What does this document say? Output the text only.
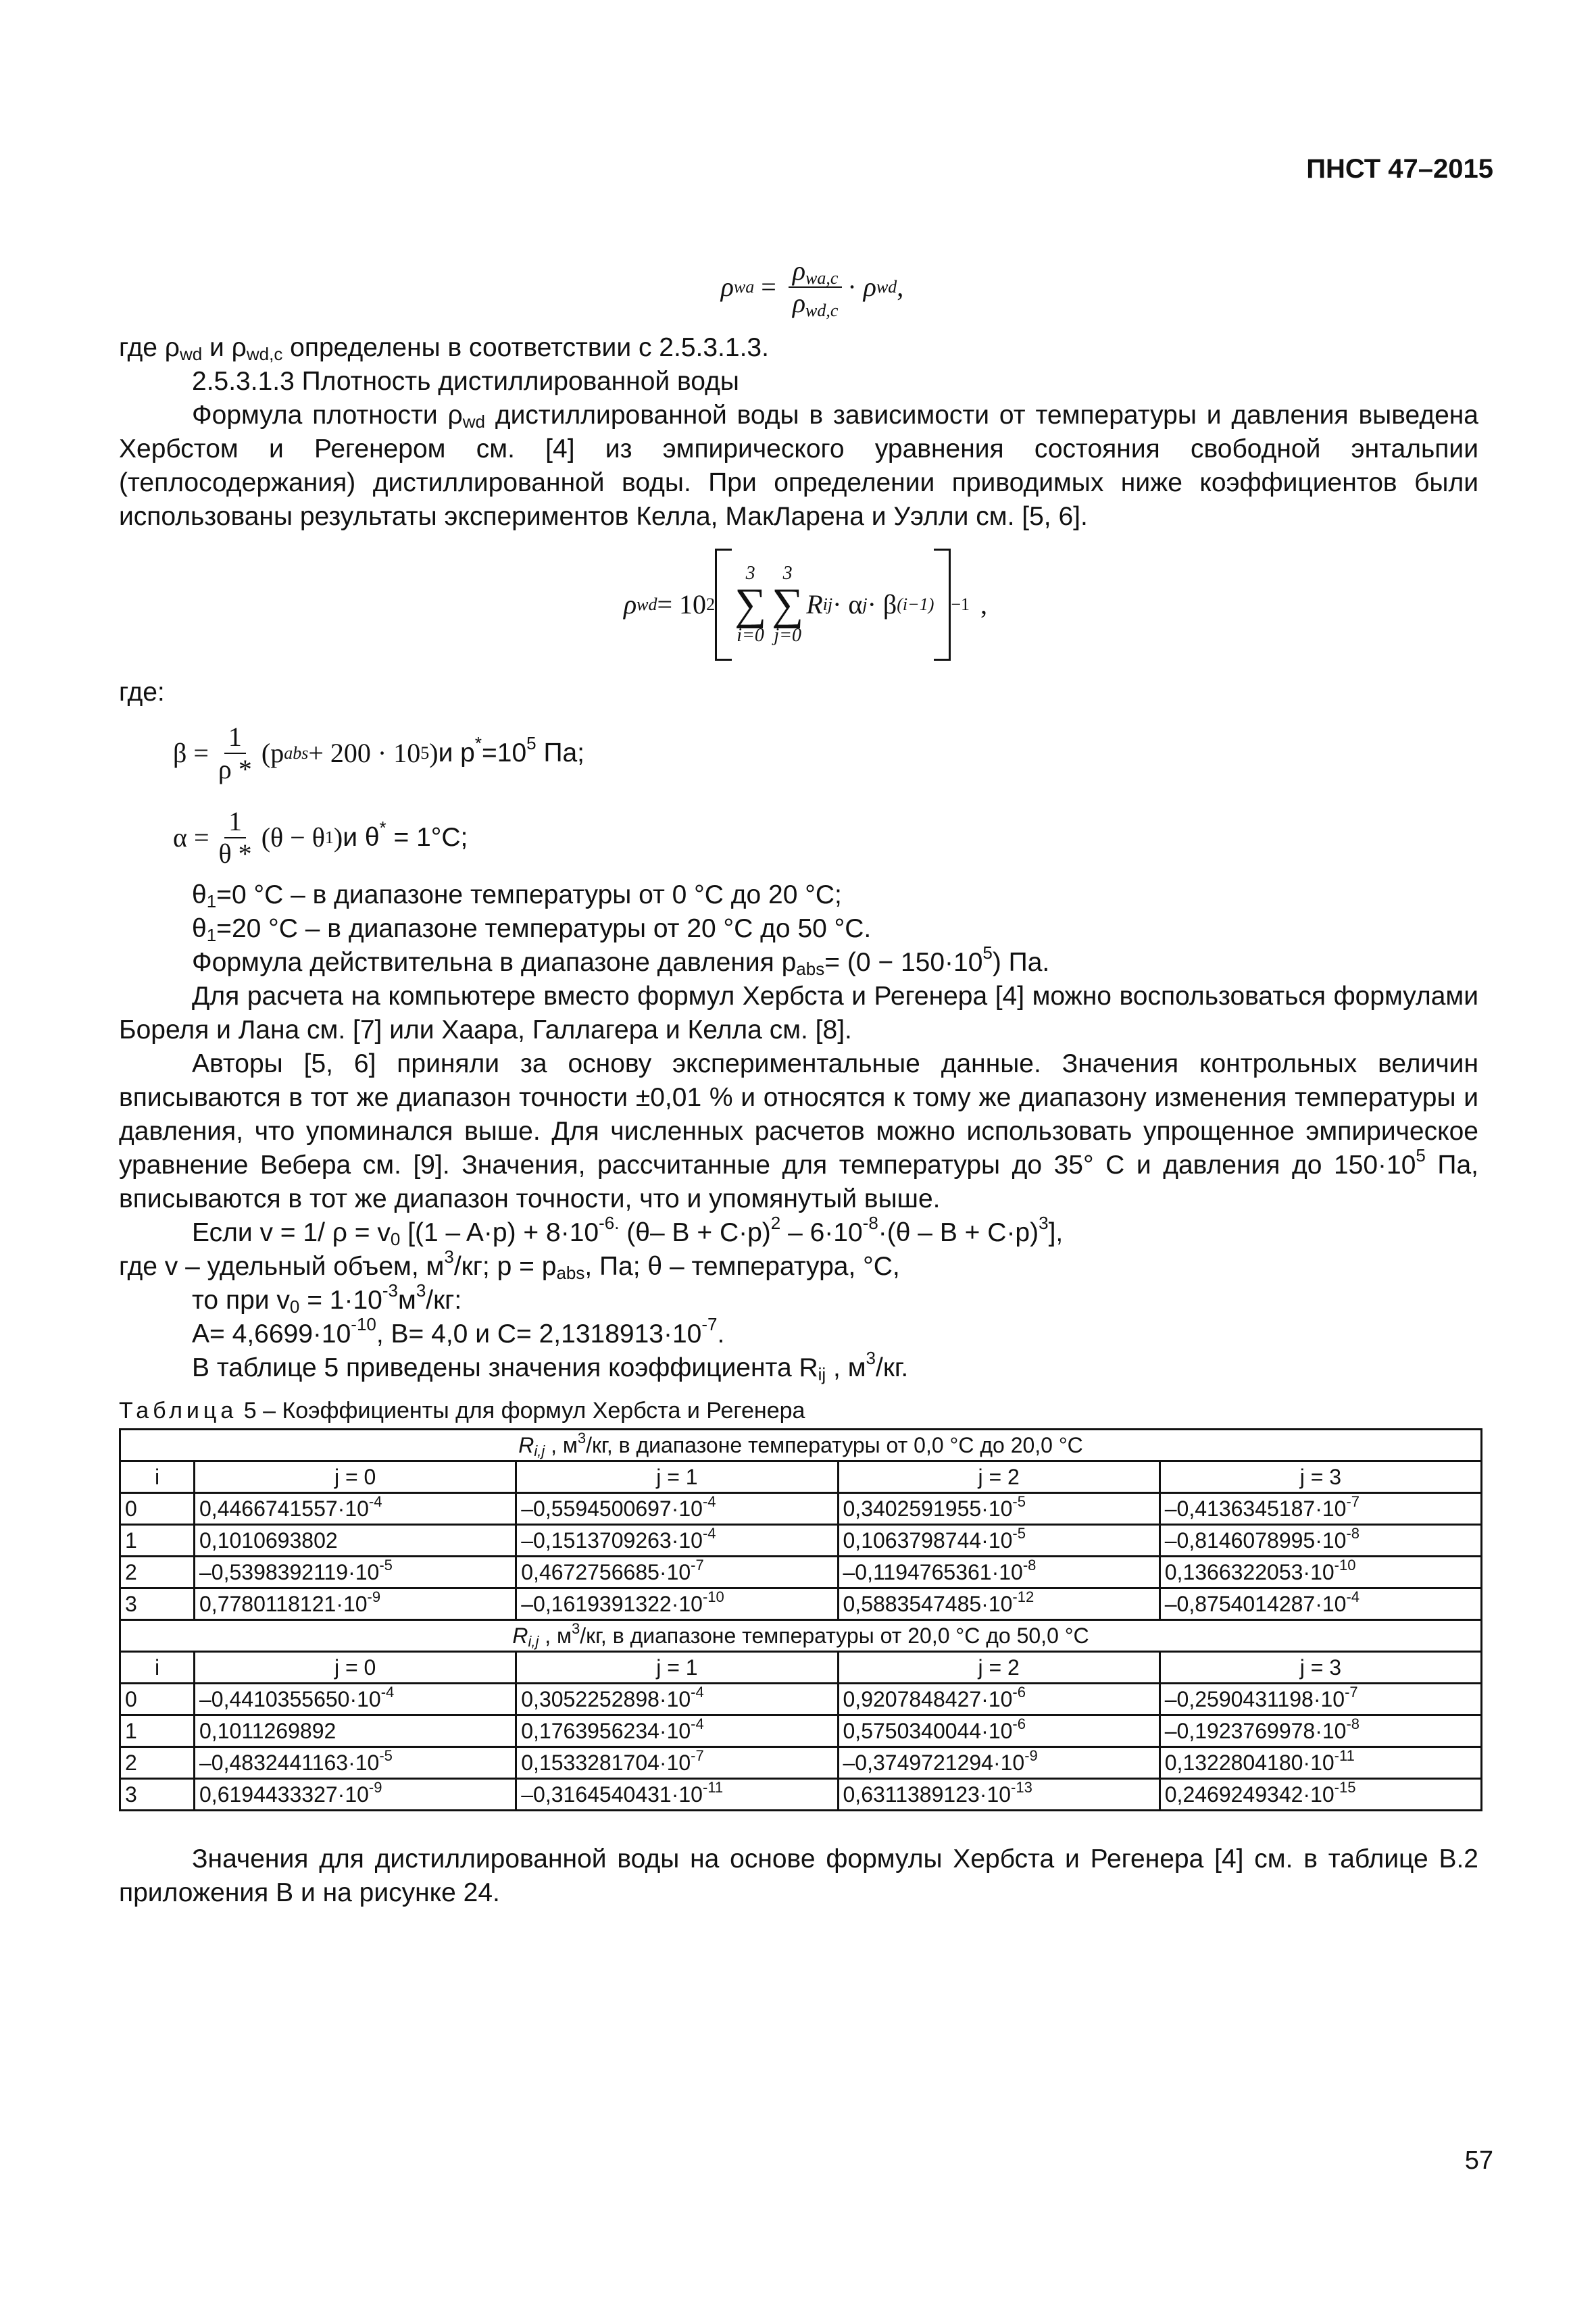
ПНСТ 47–2015
ρ wa = $\frac{\rho_{wa,c}}{\rho_{wd,c}} \cdot \rho$ wd ,

где $\rho_{wd}$ и $\rho_{wd,c}$ определены в соответствии с 2.5.3.1.3.

2.5.3.1.3 Плотность дистиллированной воды

Формула плотности $\rho_{wd}$ дистиллированной воды в зависимости от температуры и давления выведена Хербстом и Регенером см. [4] из эмпирического уравнения состояния свободной энтальпии (теплосодержания) дистиллированной воды. При определении приводимых ниже коэффициентов были использованы результаты экспериментов Келла, МакЛарена и Уэлли см. [5, 6].

ρ wd = 10 2
3
∑
i=0
3
∑
j=0
R ij · α j · β (i−1) −1 ,

где:

$\beta = \frac{1}{\rho *} (p$ abs + 200 · 10 5 ) и $p^*=10^5$ Па;
$\alpha = \frac{1}{\theta *} (\theta - \theta$ 1 ) и θ* = 1°С;

$\theta_1=0$ °С – в диапазоне температуры от 0 °С до 20 °С;

$\theta_1=20$ °С – в диапазоне температуры от 20 °С до 50 °С.

Формула действительна в диапазоне давления $p_{abs}= (0 - 150\cdot 10^5)$ Па.

Для расчета на компьютере вместо формул Хербста и Регенера [4] можно воспользоваться формулами Бореля и Лана см. [7] или Хаара, Галлагера и Келла см. [8].

Авторы [5, 6] приняли за основу экспериментальные данные. Значения контрольных величин вписываются в тот же диапазон точности ±0,01 % и относятся к тому же диапазону изменения температуры и давления, что упоминался выше. Для численных расчетов можно использовать упрощенное эмпирическое уравнение Вебера см. [9]. Значения, рассчитанные для температуры до 35° С и давления до $150\cdot 10^5$ Па, вписываются в тот же диапазон точности, что и упомянутый выше.

Если v = 1/ $\rho = v_0$ [$(1 - A\cdot p) + 8\cdot 10^{-6.}$ (θ– $B + C\cdot p)^2 - 6\cdot 10^{-8}\cdot(\theta - B + C\cdot p)^3$],

где v – удельный объем, $м^3/кг$; $p = p_{abs}$, Па; θ – температура, °С,

то при $v_0 = 1\cdot 10^{-3}м^3/кг$:

$A= 4,6699\cdot 10^{-10}$, B= 4,0 и $C= 2,1318913\cdot 10^{-7}$.

В таблице 5 приведены значения коэффициента $R_{ij}$ , $м^3/кг$.

Таблица 5 – Коэффициенты для формул Хербста и Регенера
$R_{i,j}$ , $м^3/кг$, в диапазоне температуры от 0,0 °С до 20,0 °С				
i	j = 0	j = 1	j = 2	j = 3
0	$0,4466741557\cdot 10^{-4}$	$-0,5594500697\cdot 10^{-4}$	$0,3402591955\cdot 10^{-5}$	$-0,4136345187\cdot 10^{-7}$
1	0,1010693802	$-0,1513709263\cdot 10^{-4}$	$0,1063798744\cdot 10^{-5}$	$-0,8146078995\cdot 10^{-8}$
2	$-0,5398392119\cdot 10^{-5}$	$0,4672756685\cdot 10^{-7}$	$-0,1194765361\cdot 10^{-8}$	$0,1366322053\cdot 10^{-10}$
3	$0,7780118121\cdot 10^{-9}$	$-0,1619391322\cdot 10^{-10}$	$0,5883547485\cdot 10^{-12}$	$-0,8754014287\cdot 10^{-4}$
$R_{i,j}$ , $м^3/кг$, в диапазоне температуры от 20,0 °С до 50,0 °С				
i	j = 0	j = 1	j = 2	j = 3
0	$-0,4410355650\cdot 10^{-4}$	$0,3052252898\cdot 10^{-4}$	$0,9207848427\cdot 10^{-6}$	$-0,2590431198\cdot 10^{-7}$
1	0,1011269892	$0,1763956234\cdot 10^{-4}$	$0,5750340044\cdot 10^{-6}$	$-0,1923769978\cdot 10^{-8}$
2	$-0,4832441163\cdot 10^{-5}$	$0,1533281704\cdot 10^{-7}$	$-0,3749721294\cdot 10^{-9}$	$0,1322804180\cdot 10^{-11}$
3	$0,6194433327\cdot 10^{-9}$	$-0,3164540431\cdot 10^{-11}$	$0,6311389123\cdot 10^{-13}$	$0,2469249342\cdot 10^{-15}$

Значения для дистиллированной воды на основе формулы Хербста и Регенера [4] см. в таблице В.2 приложения В и на рисунке 24.

57
